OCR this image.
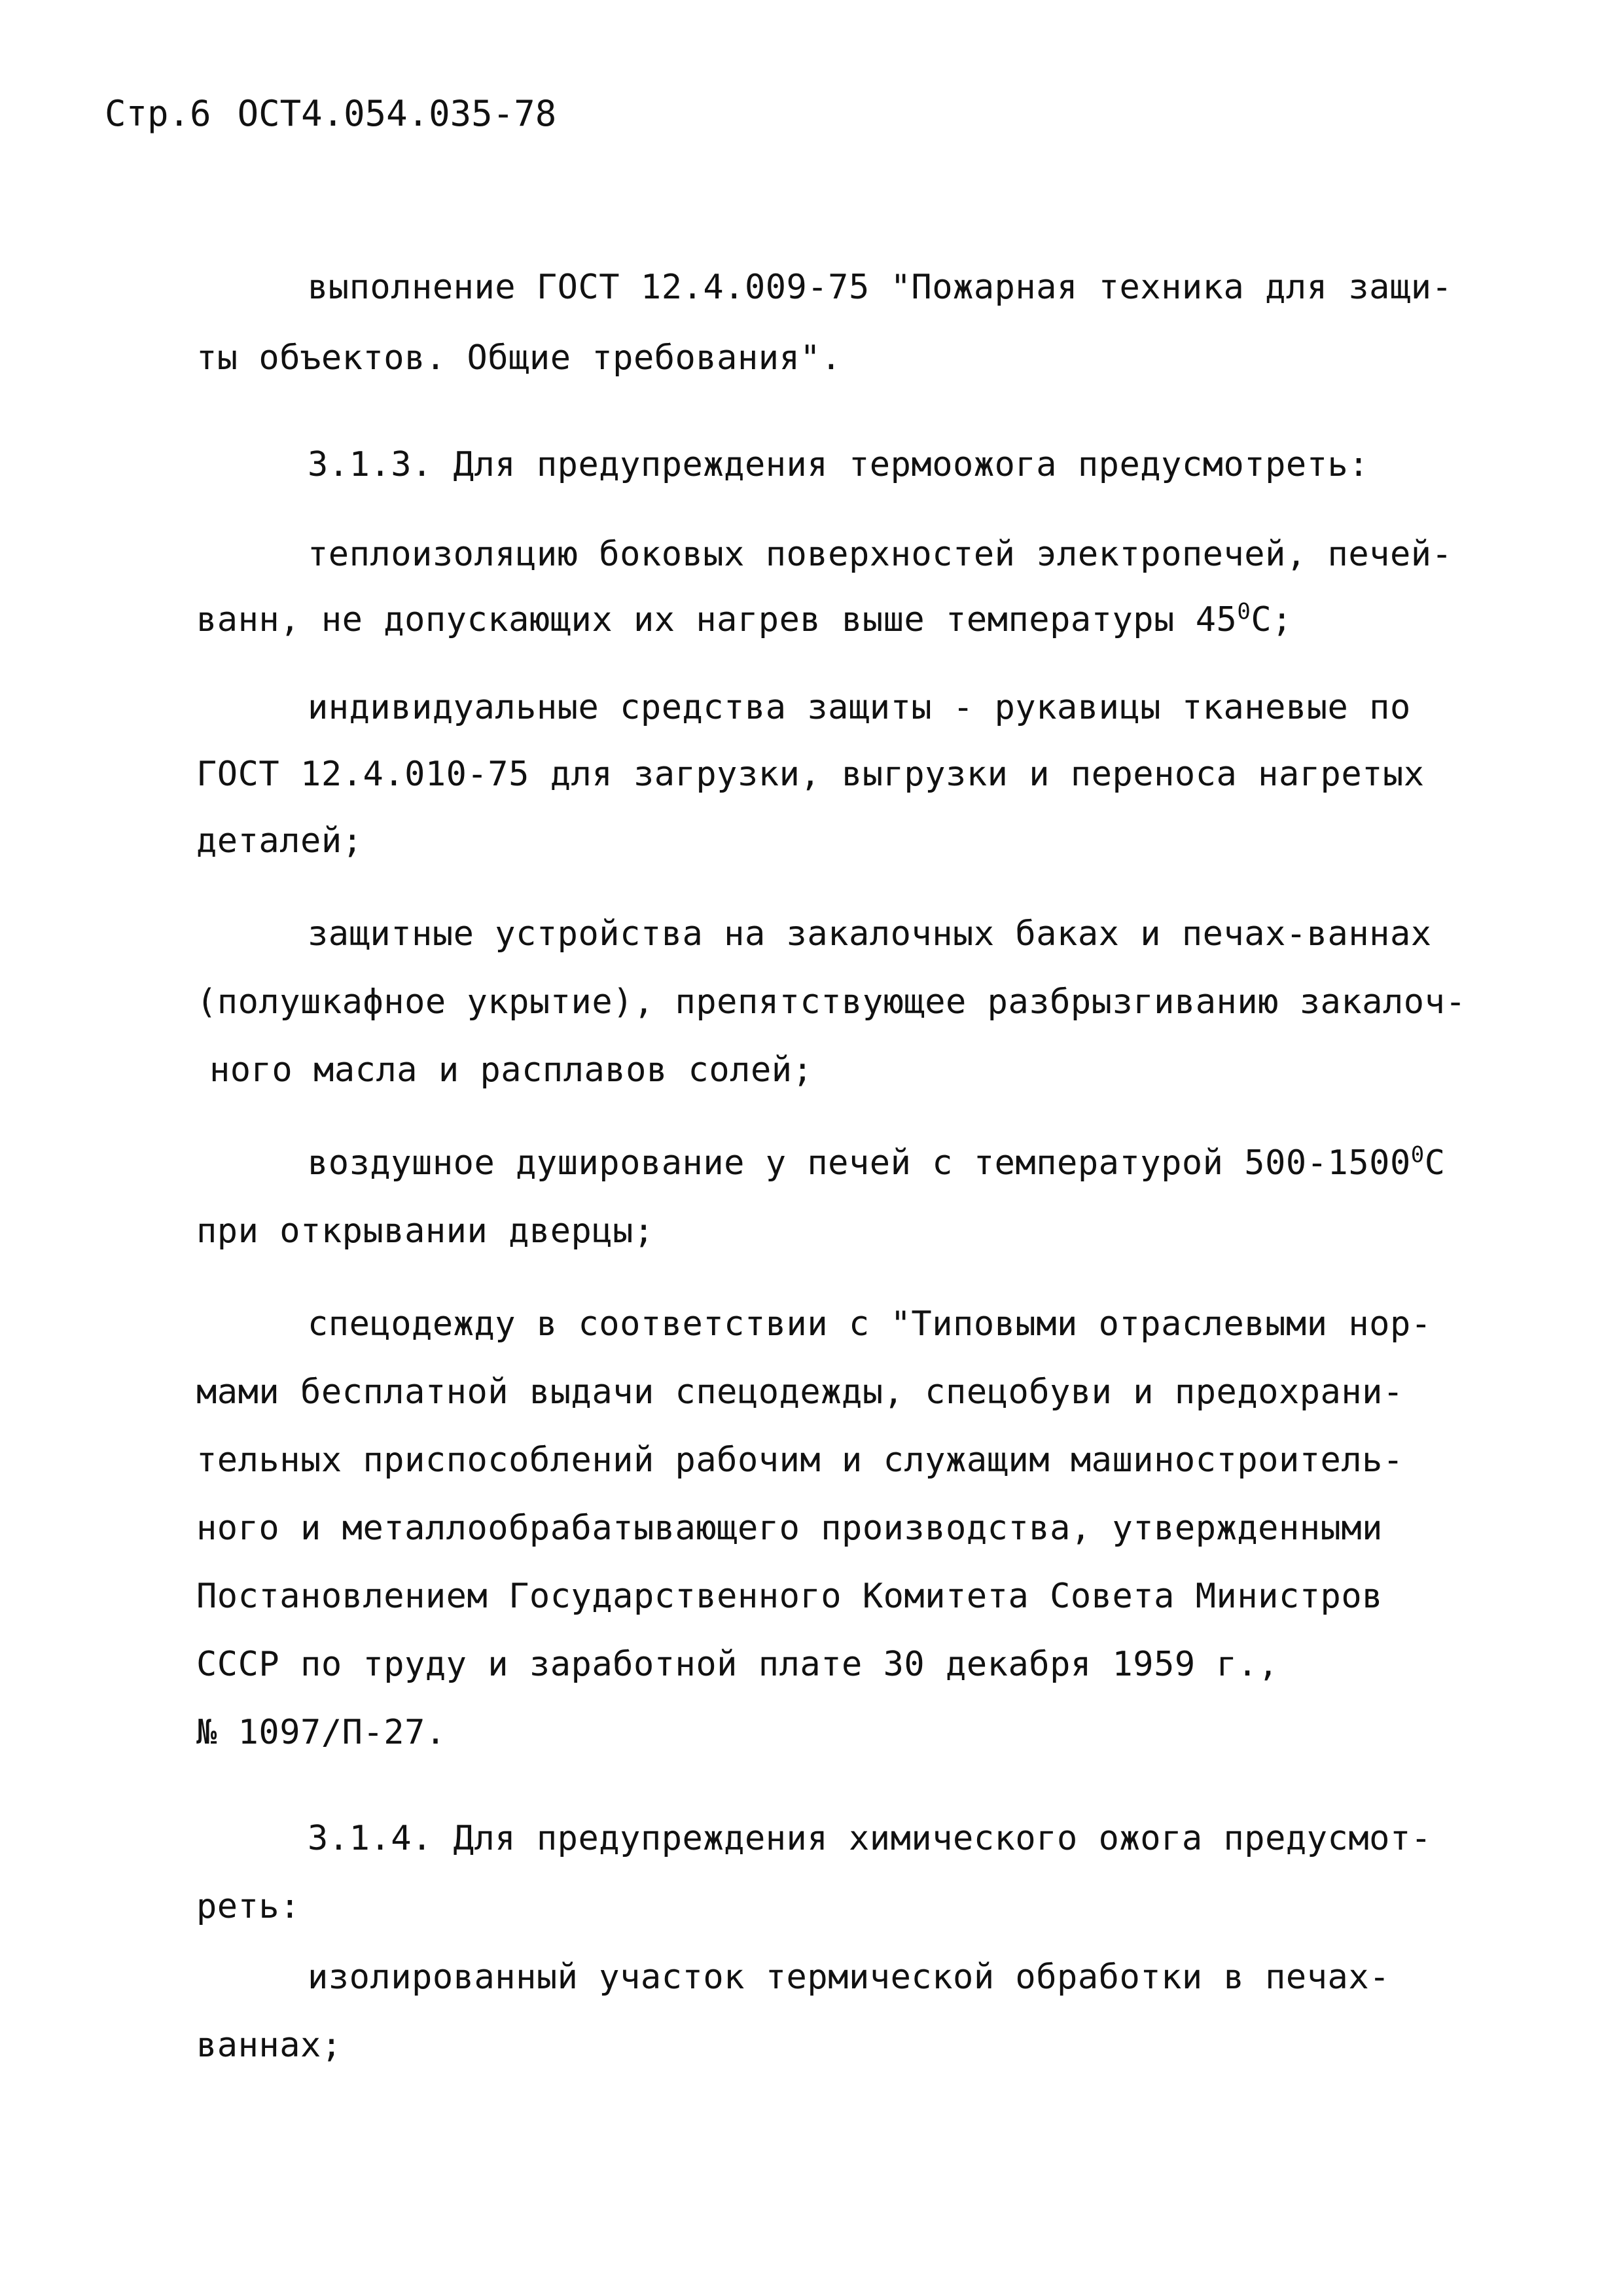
Стр.6 ОСТ4.054.035-78
выполнение ГОСТ 12.4.009-75 "Пожарная техника для защи-
ты объектов. Общие требования".
3.1.3. Для предупреждения термоожога предусмотреть:
теплоизоляцию боковых поверхностей электропечей, печей-
ванн, не допускающих их нагрев выше температуры $45^0С$;
индивидуальные средства защиты - рукавицы тканевые по
ГОСТ 12.4.010-75 для загрузки, выгрузки и переноса нагретых
деталей;
защитные устройства на закалочных баках и печах-ваннах
(полушкафное укрытие), препятствующее разбрызгиванию закалоч-
ного масла и расплавов солей;
воздушное душирование у печей с температурой 500-1500$^0$С
при открывании дверцы;
спецодежду в соответствии с "Типовыми отраслевыми нор-
мами бесплатной выдачи спецодежды, спецобуви и предохрани-
тельных приспособлений рабочим и служащим машиностроитель-
ного и металлообрабатывающего производства, утвержденными
Постановлением Государственного Комитета Совета Министров
СССР по труду и заработной плате 30 декабря 1959 г.,
№ 1097/П-27.
3.1.4. Для предупреждения химического ожога предусмот-
реть:
изолированный участок термической обработки в печах-
ваннах;
